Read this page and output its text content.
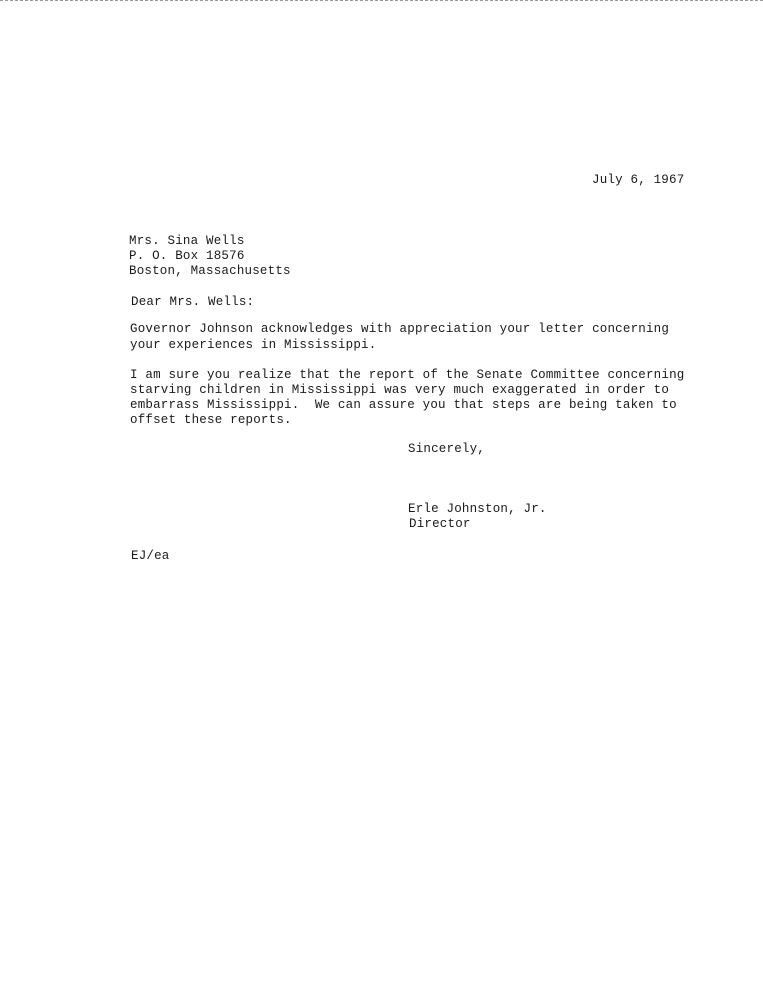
July 6, 1967
Mrs. Sina Wells
P. O. Box 18576
Boston, Massachusetts
Dear Mrs. Wells:
Governor Johnson acknowledges with appreciation your letter concerning
your experiences in Mississippi.
I am sure you realize that the report of the Senate Committee concerning
starving children in Mississippi was very much exaggerated in order to
embarrass Mississippi.  We can assure you that steps are being taken to
offset these reports.
Sincerely,
Erle Johnston, Jr.
Director
EJ/ea
